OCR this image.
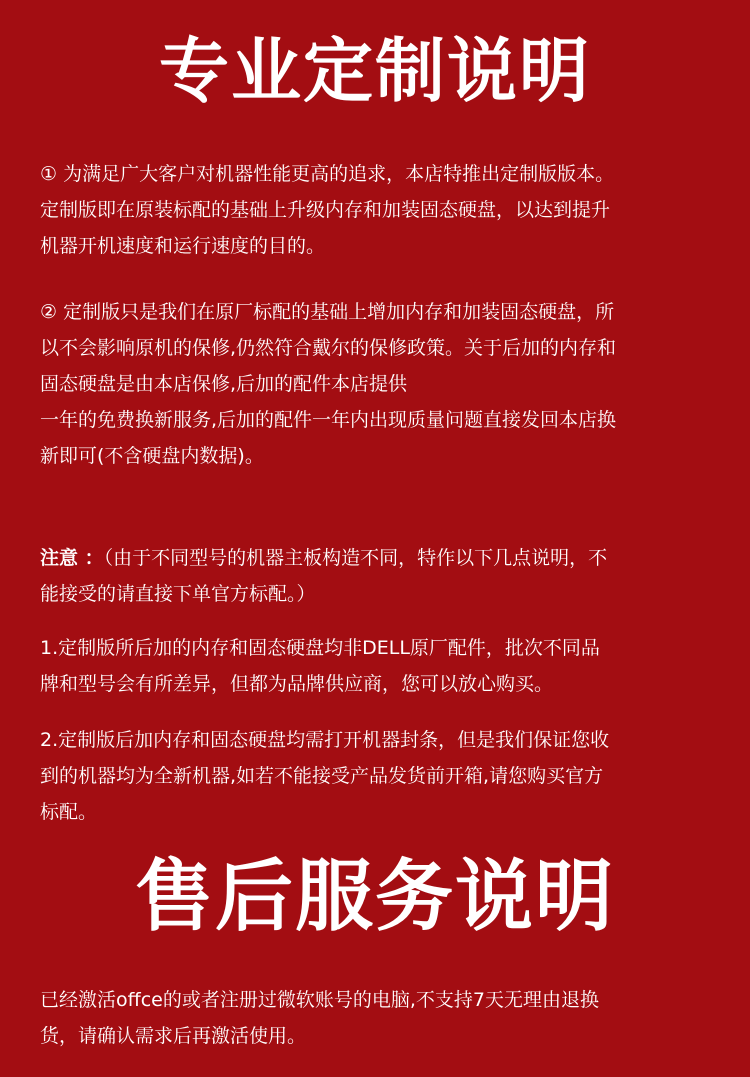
专业定制说明

① 为满足广大客户对机器性能更高的追求，本店特推出定制版版本。
定制版即在原装标配的基础上升级内存和加装固态硬盘，以达到提升
机器开机速度和运行速度的目的。

② 定制版只是我们在原厂标配的基础上增加内存和加装固态硬盘，所
以不会影响原机的保修,仍然符合戴尔的保修政策。关于后加的内存和
固态硬盘是由本店保修,后加的配件本店提供
一年的免费换新服务,后加的配件一年内出现质量问题直接发回本店换
新即可(不含硬盘内数据)。

注意 ：（由于不同型号的机器主板构造不同，特作以下几点说明，不
能接受的请直接下单官方标配。）

1.定制版所后加的内存和固态硬盘均非DELL原厂配件，批次不同品
牌和型号会有所差异，但都为品牌供应商，您可以放心购买。

2.定制版后加内存和固态硬盘均需打开机器封条，但是我们保证您收
到的机器均为全新机器,如若不能接受产品发货前开箱,请您购买官方
标配。

售后服务说明

已经激活offce的或者注册过微软账号的电脑,不支持7天无理由退换
货，请确认需求后再激活使用。
